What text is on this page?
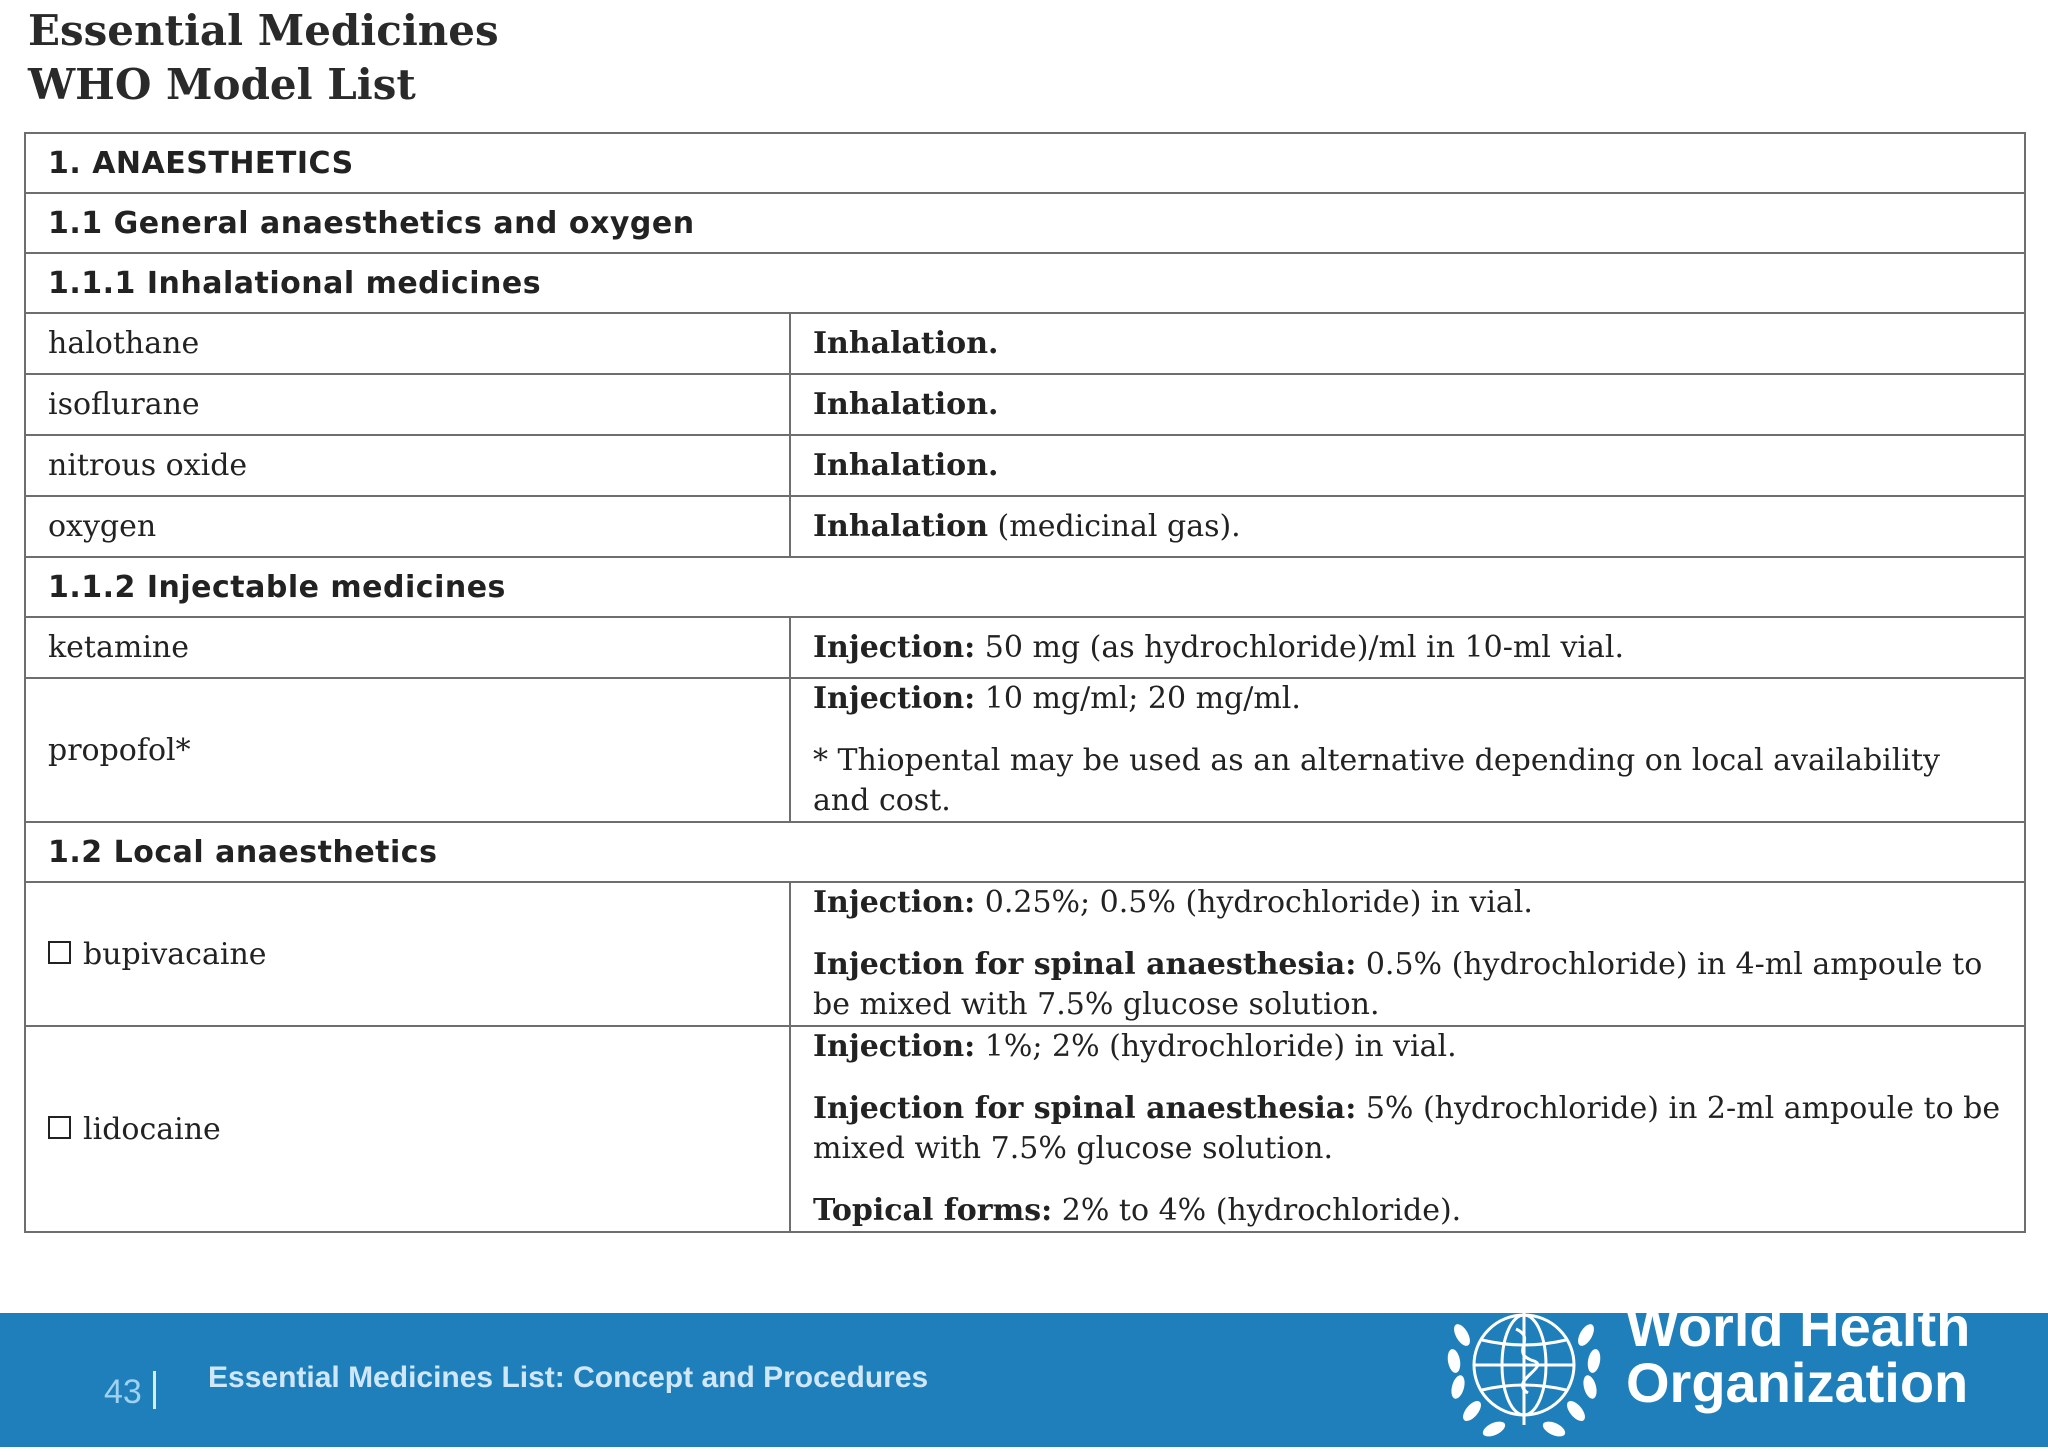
Essential Medicines
WHO Model List
1. ANAESTHETICS	
1.1 General anaesthetics and oxygen	
1.1.1 Inhalational medicines	
halothane	Inhalation.

isoflurane	Inhalation.

nitrous oxide	Inhalation.

oxygen	Inhalation (medicinal gas).

1.1.2 Injectable medicines	
ketamine	Injection: 50 mg (as hydrochloride)/ml in 10-ml vial.

propofol*	Injection: 10 mg/ml; 20 mg/ml.

* Thiopental may be used as an alternative depending on local availability and cost.

1.2 Local anaesthetics	
bupivacaine	Injection: 0.25%; 0.5% (hydrochloride) in vial.

Injection for spinal anaesthesia: 0.5% (hydrochloride) in 4-ml ampoule to be mixed with 7.5% glucose solution.

lidocaine	Injection: 1%; 2% (hydrochloride) in vial.

Injection for spinal anaesthesia: 5% (hydrochloride) in 2-ml ampoule to be mixed with 7.5% glucose solution.

Topical forms: 2% to 4% (hydrochloride).

43 Essential Medicines List: Concept and Procedures
World Health
Organization
